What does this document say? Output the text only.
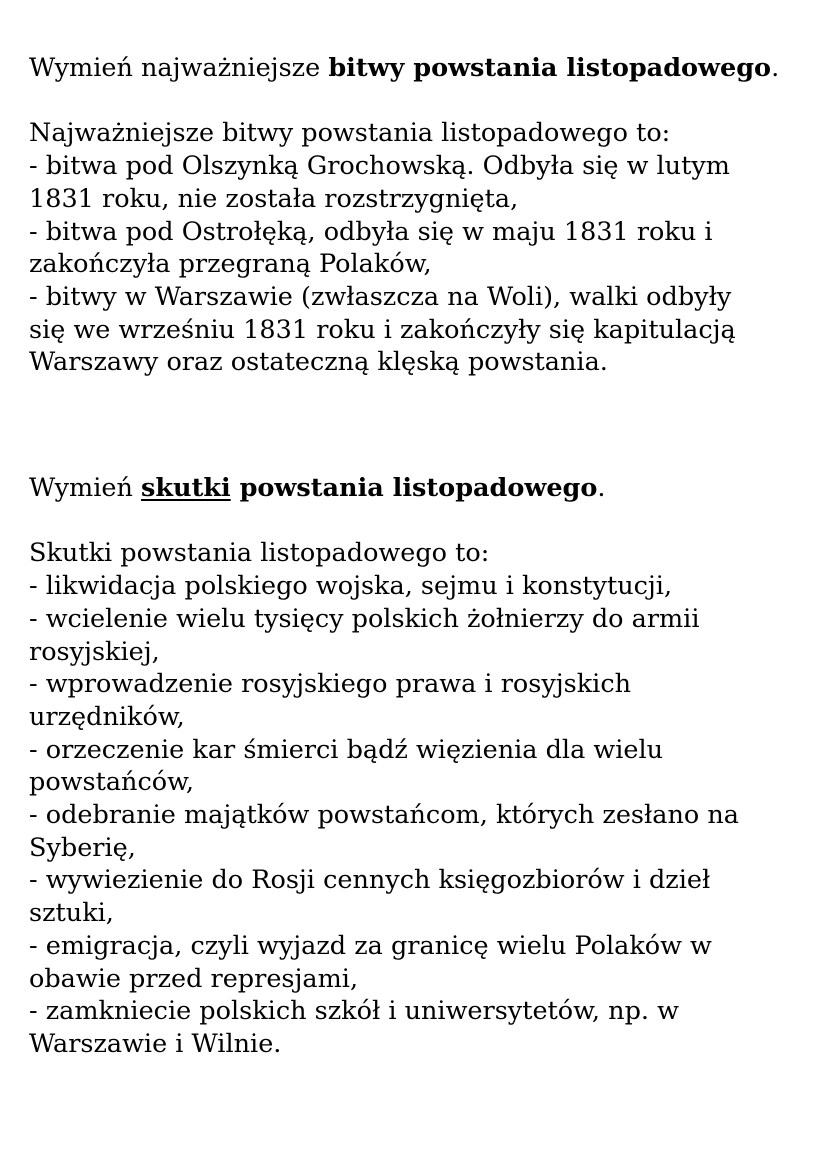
Wymień najważniejsze bitwy powstania listopadowego.

Najważniejsze bitwy powstania listopadowego to:

- bitwa pod Olszynką Grochowską. Odbyła się w lutym

1831 roku, nie została rozstrzygnięta,

- bitwa pod Ostrołęką, odbyła się w maju 1831 roku i

zakończyła przegraną Polaków,

- bitwy w Warszawie (zwłaszcza na Woli), walki odbyły

się we wrześniu 1831 roku i zakończyły się kapitulacją

Warszawy oraz ostateczną klęską powstania.

Wymień skutki powstania listopadowego.

Skutki powstania listopadowego to:

- likwidacja polskiego wojska, sejmu i konstytucji,

- wcielenie wielu tysięcy polskich żołnierzy do armii

rosyjskiej,

- wprowadzenie rosyjskiego prawa i rosyjskich

urzędników,

- orzeczenie kar śmierci bądź więzienia dla wielu

powstańców,

- odebranie majątków powstańcom, których zesłano na

Syberię,

- wywiezienie do Rosji cennych księgozbiorów i dzieł

sztuki,

- emigracja, czyli wyjazd za granicę wielu Polaków w

obawie przed represjami,

- zamkniecie polskich szkół i uniwersytetów, np. w

Warszawie i Wilnie.
